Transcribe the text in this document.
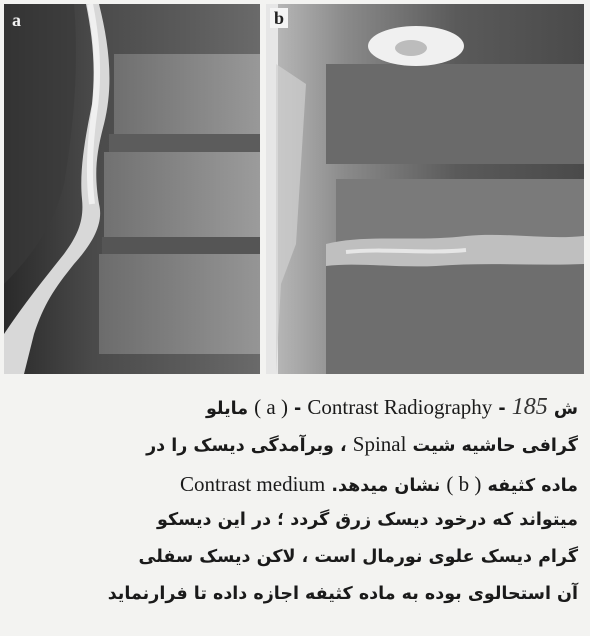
a	b
ش 185 - Contrast Radiography - ( a ) مایلو
گرافی حاشیه شیت Spinal ، وبرآمدگی دیسک را در
ماده کثیفه ( b ) نشان میدهد. Contrast medium
میتواند که درخود دیسک زرق گردد ؛ در این دیسکو
گرام دیسک علوی نورمال است ، لاکن دیسک سفلی
آن استحالوی بوده به ماده کثیفه اجازه داده تا فرارنماید
